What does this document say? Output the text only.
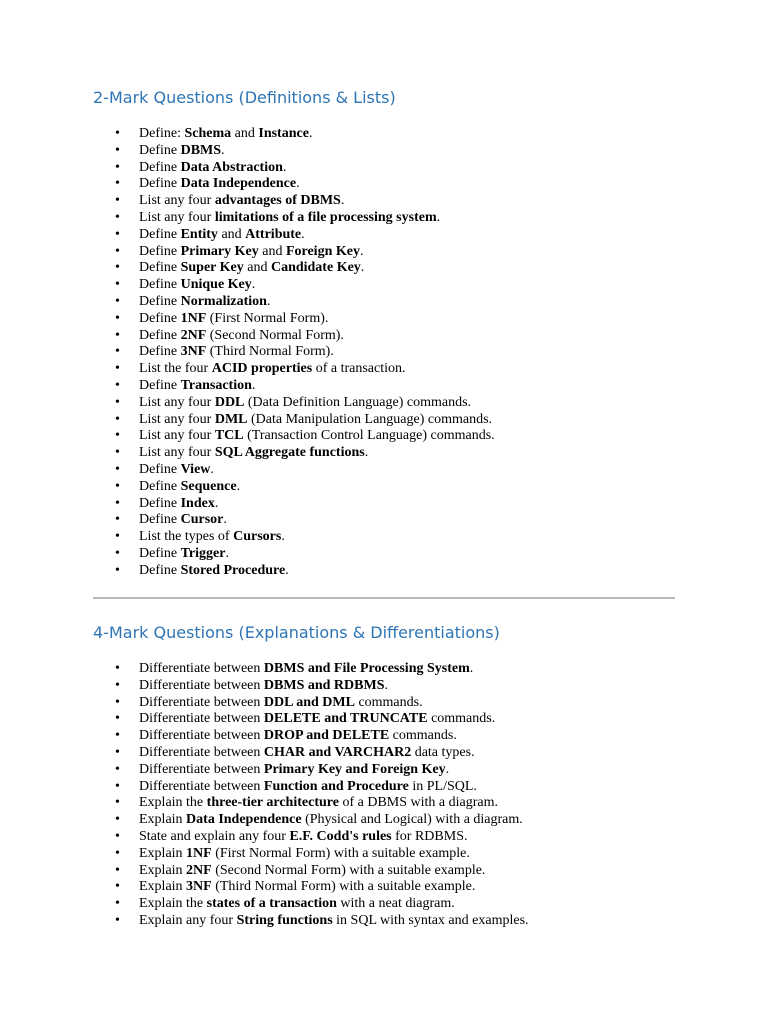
2-Mark Questions (Definitions & Lists)
• Define: Schema and Instance.
• Define DBMS.
• Define Data Abstraction.
• Define Data Independence.
• List any four advantages of DBMS.
• List any four limitations of a file processing system.
• Define Entity and Attribute.
• Define Primary Key and Foreign Key.
• Define Super Key and Candidate Key.
• Define Unique Key.
• Define Normalization.
• Define 1NF (First Normal Form).
• Define 2NF (Second Normal Form).
• Define 3NF (Third Normal Form).
• List the four ACID properties of a transaction.
• Define Transaction.
• List any four DDL (Data Definition Language) commands.
• List any four DML (Data Manipulation Language) commands.
• List any four TCL (Transaction Control Language) commands.
• List any four SQL Aggregate functions.
• Define View.
• Define Sequence.
• Define Index.
• Define Cursor.
• List the types of Cursors.
• Define Trigger.
• Define Stored Procedure.
4-Mark Questions (Explanations & Differentiations)
• Differentiate between DBMS and File Processing System.
• Differentiate between DBMS and RDBMS.
• Differentiate between DDL and DML commands.
• Differentiate between DELETE and TRUNCATE commands.
• Differentiate between DROP and DELETE commands.
• Differentiate between CHAR and VARCHAR2 data types.
• Differentiate between Primary Key and Foreign Key.
• Differentiate between Function and Procedure in PL/SQL.
• Explain the three-tier architecture of a DBMS with a diagram.
• Explain Data Independence (Physical and Logical) with a diagram.
• State and explain any four E.F. Codd's rules for RDBMS.
• Explain 1NF (First Normal Form) with a suitable example.
• Explain 2NF (Second Normal Form) with a suitable example.
• Explain 3NF (Third Normal Form) with a suitable example.
• Explain the states of a transaction with a neat diagram.
• Explain any four String functions in SQL with syntax and examples.
